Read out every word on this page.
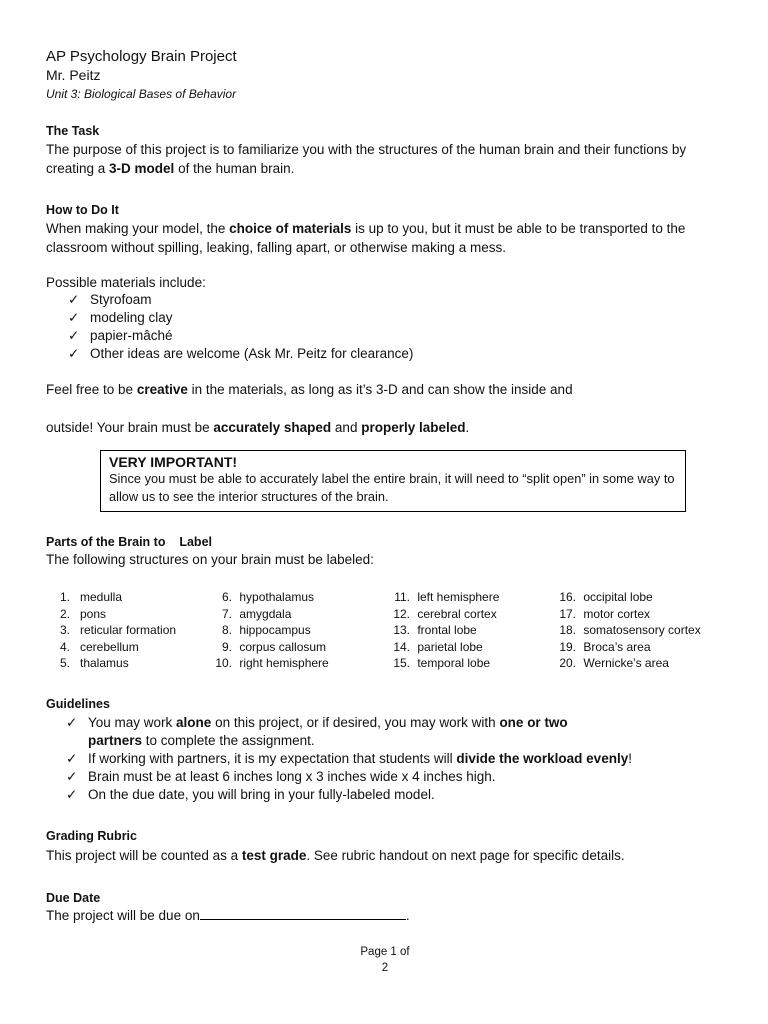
AP Psychology Brain Project
Mr. Peitz
Unit 3: Biological Bases of Behavior
The Task
The purpose of this project is to familiarize you with the structures of the human brain and their functions by creating a 3-D model of the human brain.
How to Do It
When making your model, the choice of materials is up to you, but it must be able to be transported to the classroom without spilling, leaking, falling apart, or otherwise making a mess.
Possible materials include:
✓ Styrofoam
✓ modeling clay
✓ papier-mâché
✓ Other ideas are welcome (Ask Mr. Peitz for clearance)
Feel free to be creative in the materials, as long as it’s 3-D and can show the inside and
outside! Your brain must be accurately shaped and properly labeled.
VERY IMPORTANT!
Since you must be able to accurately label the entire brain, it will need to “split open” in some way to allow us to see the interior structures of the brain.
Parts of the Brain to    Label
The following structures on your brain must be labeled:
1. medulla
2. pons
3. reticular formation
4. cerebellum
5. thalamus
6. hypothalamus
7. amygdala
8. hippocampus
9. corpus callosum
10. right hemisphere
11. left hemisphere
12. cerebral cortex
13. frontal lobe
14. parietal lobe
15. temporal lobe
16. occipital lobe
17. motor cortex
18. somatosensory cortex
19. Broca’s area
20. Wernicke’s area
Guidelines
✓ You may work alone on this project, or if desired, you may work with one or two
partners to complete the assignment.
✓ If working with partners, it is my expectation that students will divide the workload evenly!
✓ Brain must be at least 6 inches long x 3 inches wide x 4 inches high.
✓ On the due date, you will bring in your fully-labeled model.
Grading Rubric
This project will be counted as a test grade. See rubric handout on next page for specific details.
Due Date
The project will be due on	.
Page 1 of
2
